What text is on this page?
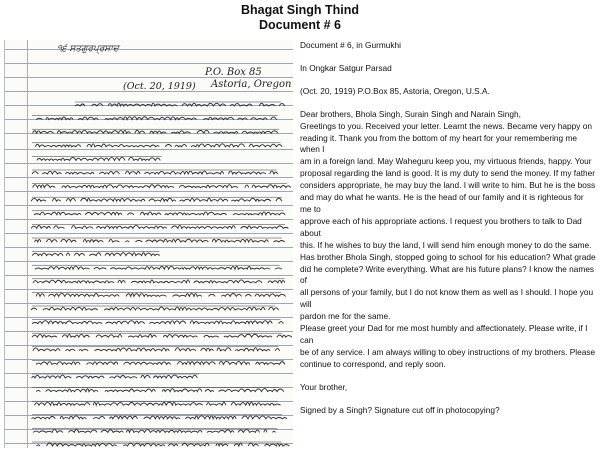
Bhagat Singh Thind
Document # 6
੧੬ ਸਤਗੁਰਪ੍ਰਸਾਦ
P.O. Box 85
Astoria, Oregon
(Oct. 20, 1919)

Document # 6, in Gurmukhi

In Ongkar Satgur Parsad

(Oct. 20, 1919) P.O.Box 85, Astoria, Oregon, U.S.A.

Dear brothers, Bhola Singh, Surain Singh and Narain Singh,

Greetings to you. Received your letter. Learnt the news. Became very happy on

reading it. Thank you from the bottom of my heart for your remembering me when I

am in a foreign land. May Waheguru keep you, my virtuous friends, happy. Your

proposal regarding the land is good. It is my duty to send the money. If my father

considers appropriate, he may buy the land. I will write to him. But he is the boss

and may do what he wants. He is the head of our family and it is righteous for me to

approve each of his appropriate actions. I request you brothers to talk to Dad about

this. If he wishes to buy the land, I will send him enough money to do the same.

Has brother Bhola Singh, stopped going to school for his education? What grade

did he complete? Write everything. What are his future plans? I know the names of

all persons of your family, but I do not know them as well as I should. I hope you will

pardon me for the same.

Please greet your Dad for me most humbly and affectionately. Please write, if I can

be of any service. I am always willing to obey instructions of my brothers. Please

continue to correspond, and reply soon.

Your brother,

Signed by a Singh? Signature cut off in photocopying?
